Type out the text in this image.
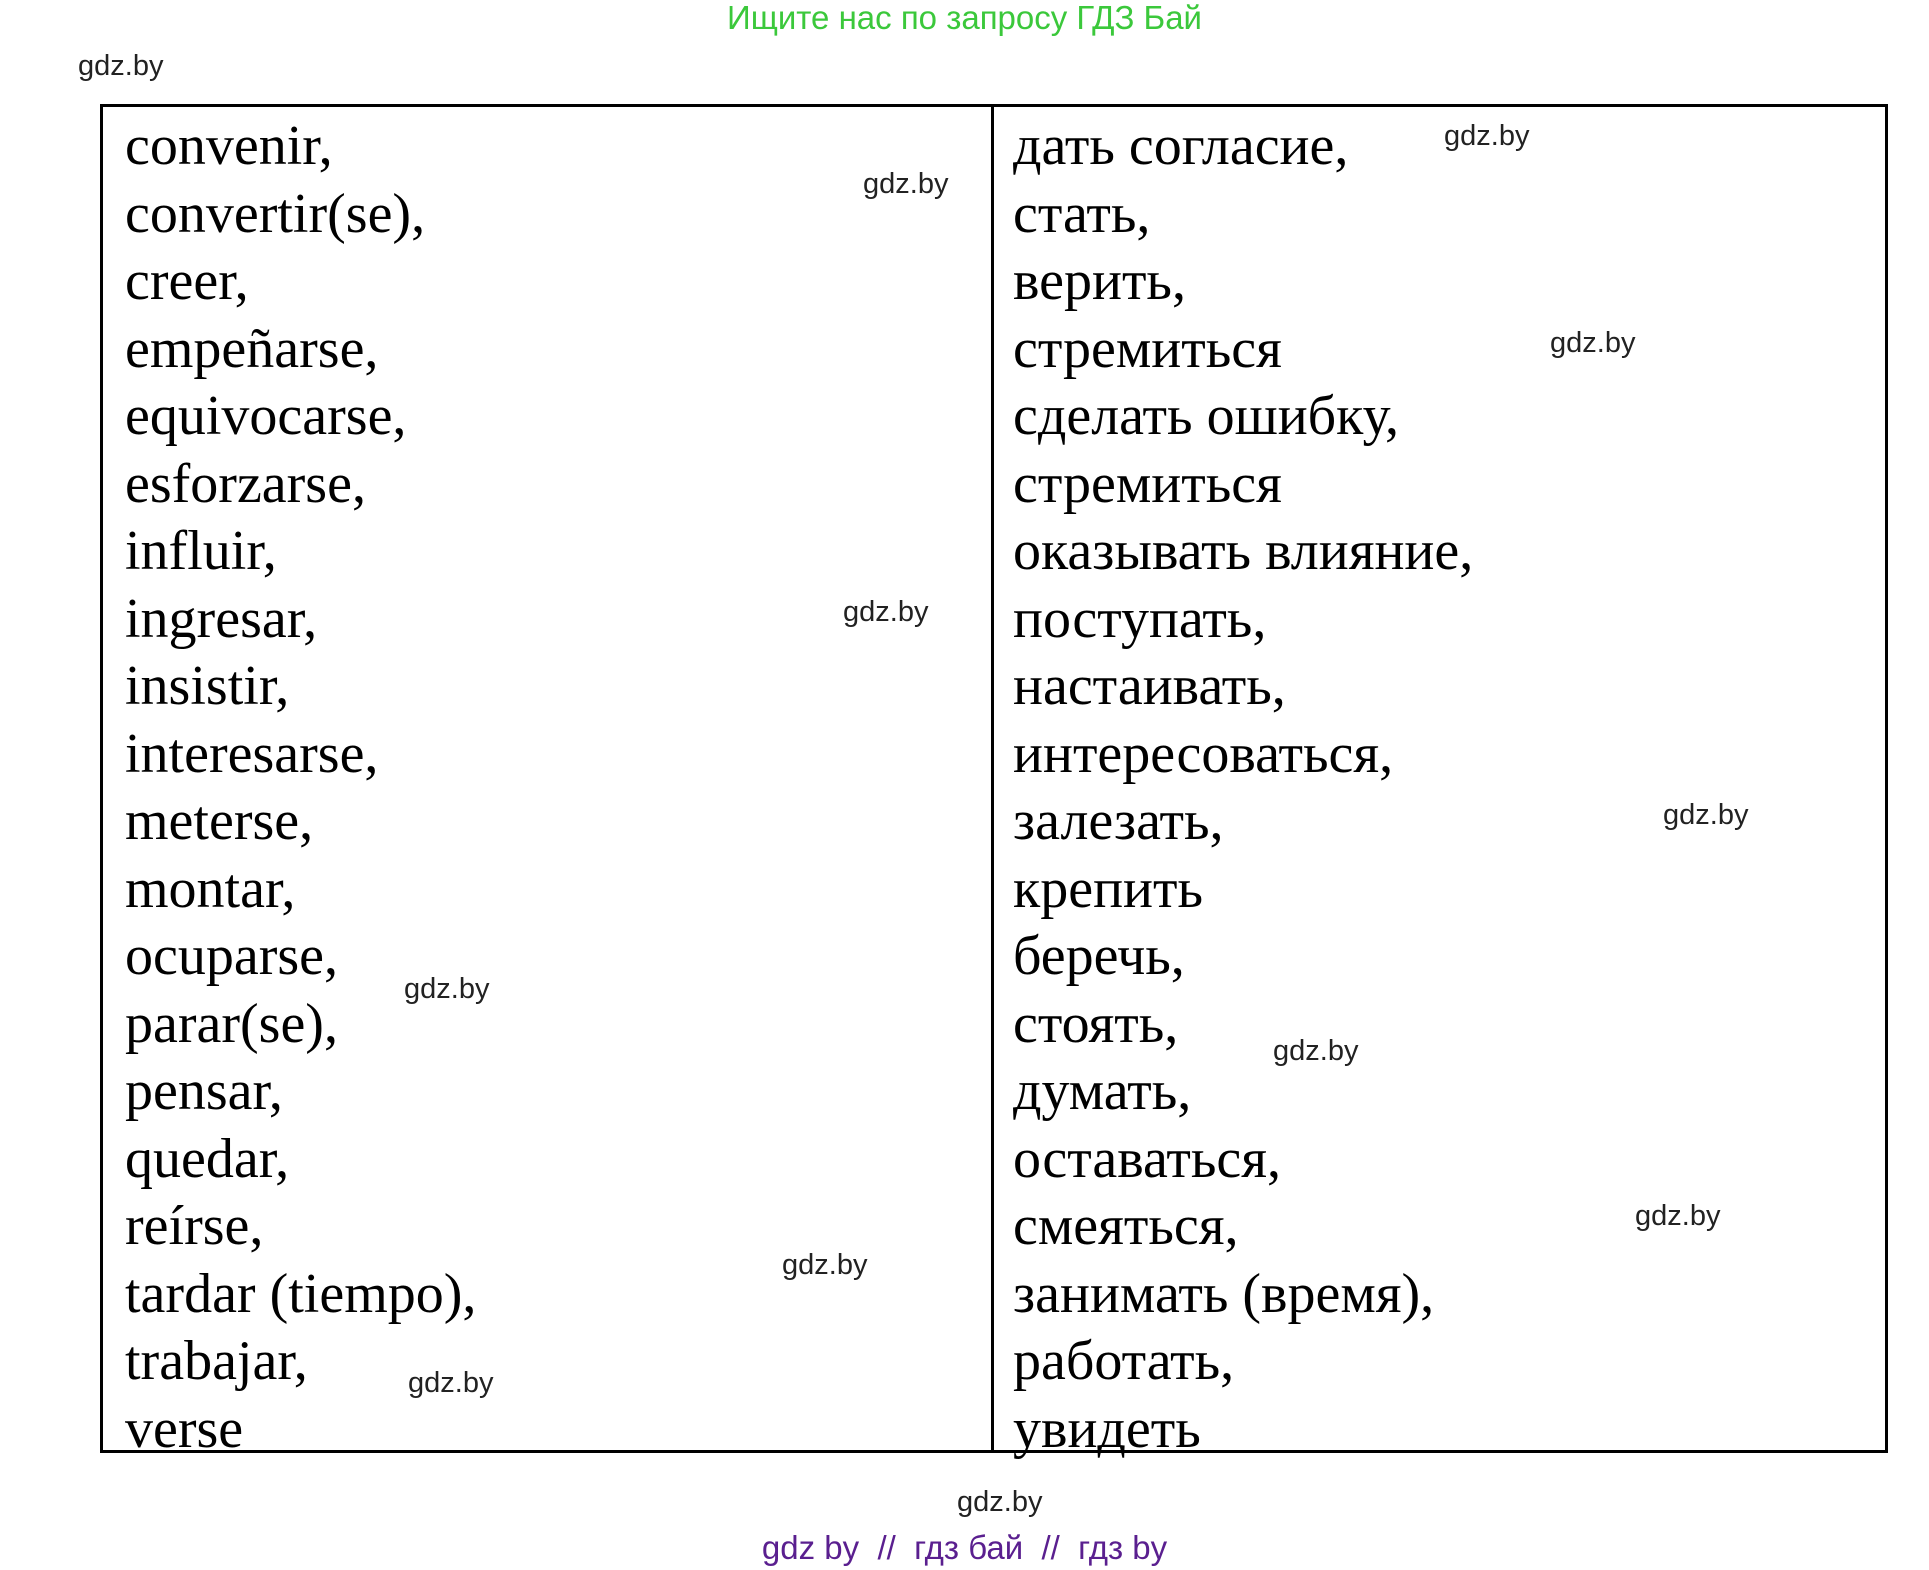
Ищите нас по запросу ГДЗ Бай
gdz.by
gdz.by
gdz.by
gdz.by
gdz.by
gdz.by
gdz.by
gdz.by
gdz.by
gdz.by
gdz.by
gdz.by
convenir,
convertir(se),
creer,
empeñarse,
equivocarse,
esforzarse,
influir,
ingresar,
insistir,
interesarse,
meterse,
montar,
ocuparse,
parar(se),
pensar,
quedar,
reírse,
tardar (tiempo),
trabajar,
verse
дать согласие,
стать,
верить,
стремиться
сделать ошибку,
стремиться
оказывать влияние,
поступать,
настаивать,
интересоваться,
залезать,
крепить
беречь,
стоять,
думать,
оставаться,
смеяться,
занимать (время),
работать,
увидеть
gdz by  //  гдз бай  //  гдз by
